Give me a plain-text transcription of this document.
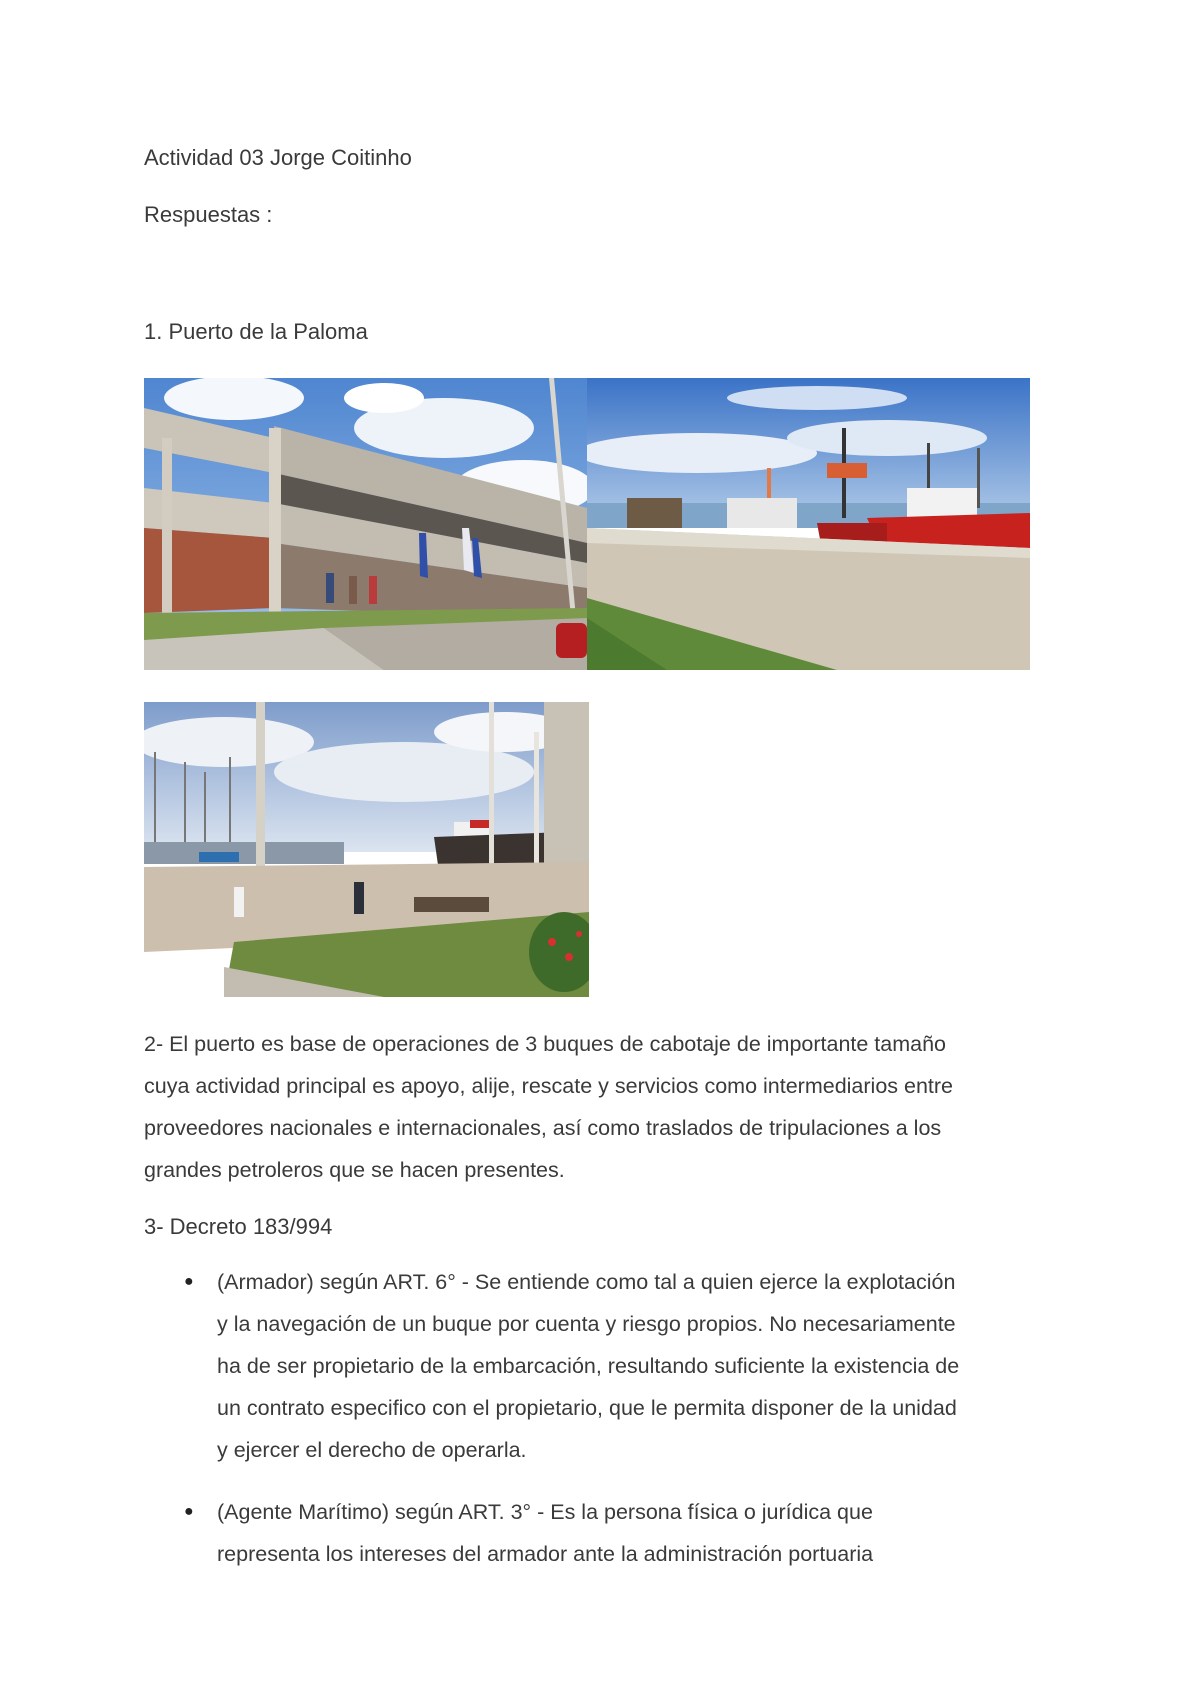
Actividad 03 Jorge Coitinho
Respuestas :
1. Puerto de la Paloma
2- El puerto es base de operaciones de 3 buques de cabotaje de importante tamaño
cuya actividad principal es apoyo, alije, rescate y servicios como intermediarios entre
proveedores nacionales e internacionales, así como traslados de tripulaciones a los
grandes petroleros que se hacen presentes.
3- Decreto 183/994
●	(Armador) según ART. 6° - Se entiende como tal a quien ejerce la explotación
y la navegación de un buque por cuenta y riesgo propios. No necesariamente
ha de ser propietario de la embarcación, resultando suficiente la existencia de
un contrato especifico con el propietario, que le permita disponer de la unidad
y ejercer el derecho de operarla.
●	(Agente Marítimo) según ART. 3° - Es la persona física o jurídica que
representa los intereses del armador ante la administración portuaria
